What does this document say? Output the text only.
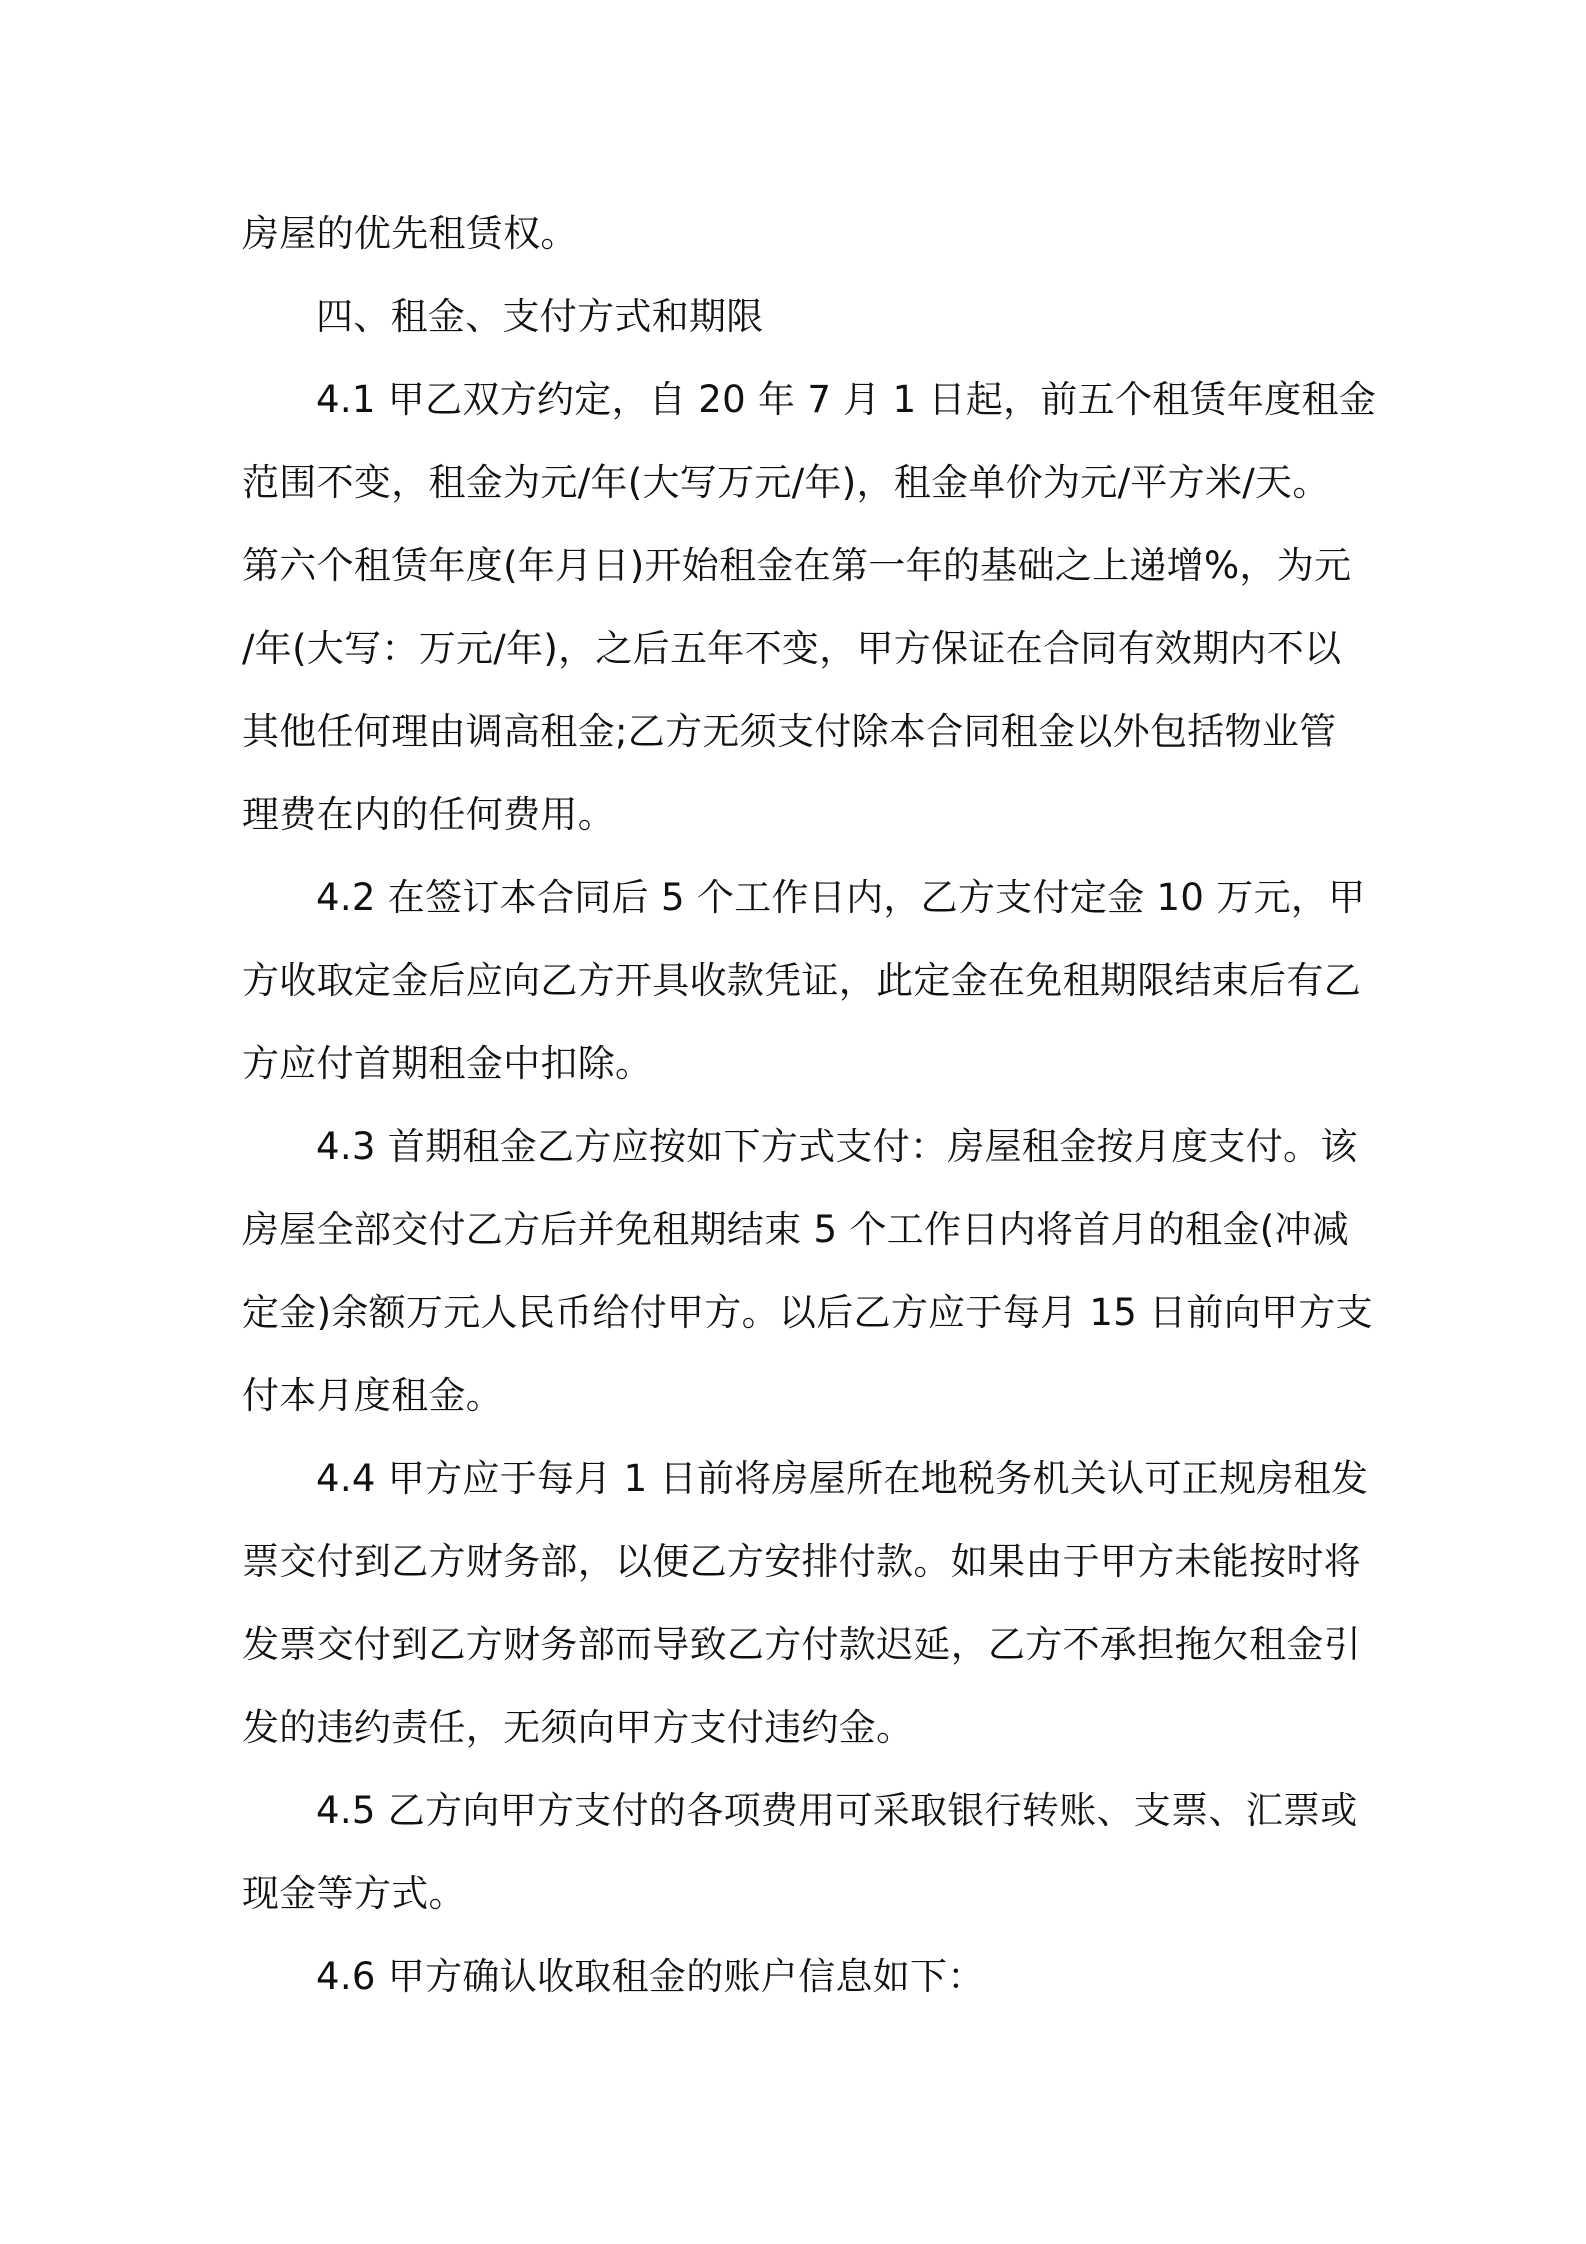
房屋的优先租赁权。
四、租金、支付方式和期限
4.1 甲乙双方约定，自 20 年 7 月 1 日起，前五个租赁年度租金
范围不变，租金为元/年(大写万元/年)，租金单价为元/平方米/天。
第六个租赁年度(年月日)开始租金在第一年的基础之上递增%，为元
/年(大写：万元/年)，之后五年不变，甲方保证在合同有效期内不以
其他任何理由调高租金;乙方无须支付除本合同租金以外包括物业管
理费在内的任何费用。
4.2 在签订本合同后 5 个工作日内，乙方支付定金 10 万元，甲
方收取定金后应向乙方开具收款凭证，此定金在免租期限结束后有乙
方应付首期租金中扣除。
4.3 首期租金乙方应按如下方式支付：房屋租金按月度支付。该
房屋全部交付乙方后并免租期结束 5 个工作日内将首月的租金(冲减
定金)余额万元人民币给付甲方。以后乙方应于每月 15 日前向甲方支
付本月度租金。
4.4 甲方应于每月 1 日前将房屋所在地税务机关认可正规房租发
票交付到乙方财务部，以便乙方安排付款。如果由于甲方未能按时将
发票交付到乙方财务部而导致乙方付款迟延，乙方不承担拖欠租金引
发的违约责任，无须向甲方支付违约金。
4.5 乙方向甲方支付的各项费用可采取银行转账、支票、汇票或
现金等方式。
4.6 甲方确认收取租金的账户信息如下：
